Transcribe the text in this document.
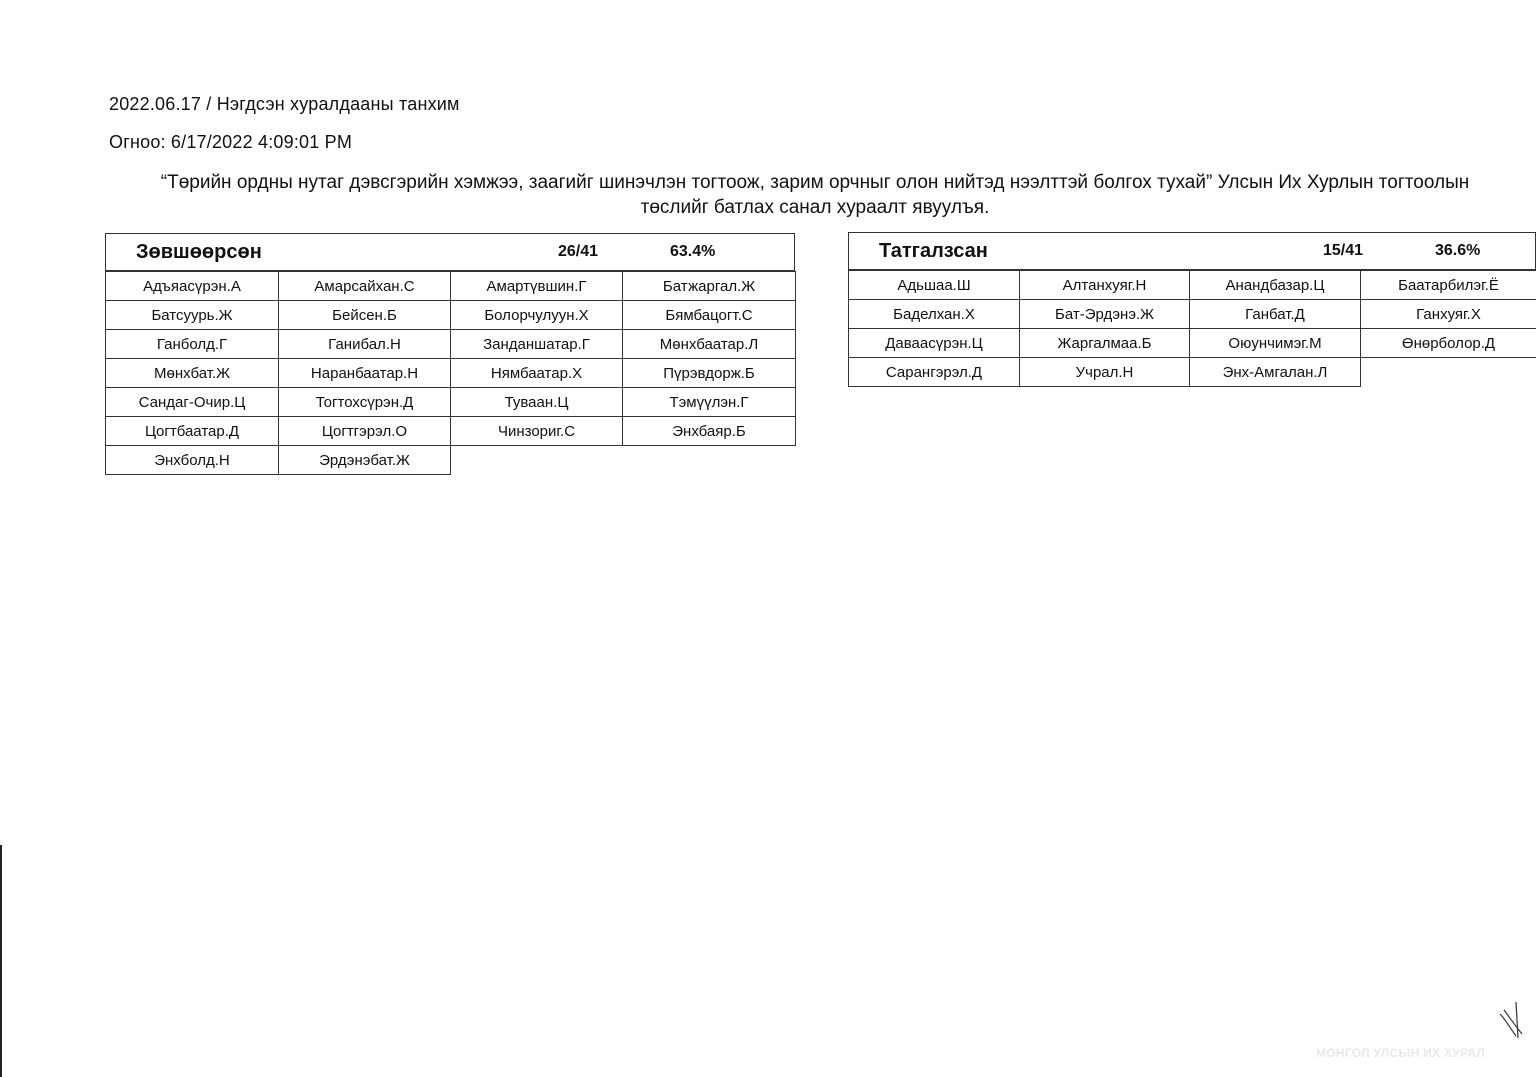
2022.06.17 / Нэгдсэн хуралдааны танхим
Огноо: 6/17/2022 4:09:01 PM
“Төрийн ордны нутаг дэвсгэрийн хэмжээ, заагийг шинэчлэн тогтоож, зарим орчныг олон нийтэд нээлттэй болгох тухай” Улсын Их Хурлын тогтоолын төслийг батлах санал хураалт явуулъя.
Зөвшөөрсөн	26/41	63.4%
Адъяасүрэн.А	Амарсайхан.С	Амартүвшин.Г	Батжаргал.Ж
Батсуурь.Ж	Бейсен.Б	Болорчулуун.Х	Бямбацогт.С
Ганболд.Г	Ганибал.Н	Занданшатар.Г	Мөнхбаатар.Л
Мөнхбат.Ж	Наранбаатар.Н	Нямбаатар.Х	Пүрэвдорж.Б
Сандаг-Очир.Ц	Тогтохсүрэн.Д	Туваан.Ц	Тэмүүлэн.Г
Цогтбаатар.Д	Цогтгэрэл.О	Чинзориг.С	Энхбаяр.Б
Энхболд.Н	Эрдэнэбат.Ж		
Татгалзсан	15/41	36.6%
Адьшаа.Ш	Алтанхуяг.Н	Анандбазар.Ц	Баатарбилэг.Ё
Баделхан.Х	Бат-Эрдэнэ.Ж	Ганбат.Д	Ганхуяг.Х
Даваасүрэн.Ц	Жаргалмаа.Б	Оюунчимэг.М	Өнөрболор.Д
Сарангэрэл.Д	Учрал.Н	Энх-Амгалан.Л	
МОНГОЛ УЛСЫН ИХ ХУРАЛ
